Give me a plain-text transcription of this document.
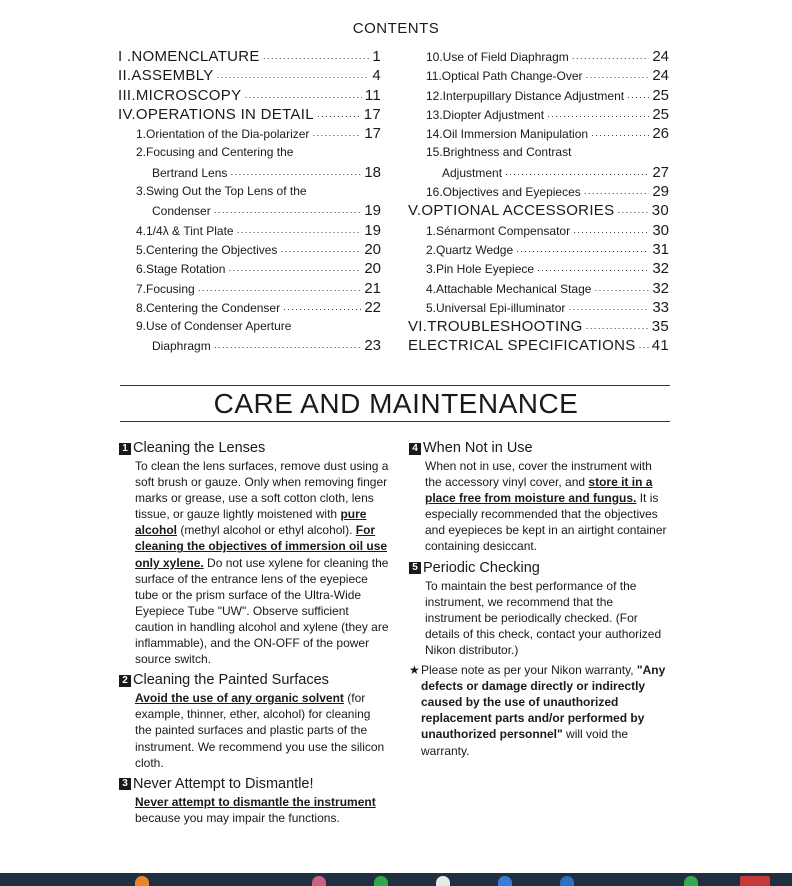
CONTENTS
I .NOMENCLATURE ·····	1
II.ASSEMBLY ·····	4
III.MICROSCOPY ·····	11
IV.OPERATIONS IN DETAIL ·····	17
1.Orientation of the Dia-polarizer ·····	17
2.Focusing and Centering the
Bertrand Lens ·····	18
3.Swing Out the Top Lens of the
Condenser ·····	19
4.1/4λ & Tint Plate ·····	19
5.Centering the Objectives ·····	20
6.Stage Rotation ·····	20
7.Focusing ·····	21
8.Centering the Condenser ·····	22
9.Use of Condenser Aperture
Diaphragm ·····	23
10.Use of Field Diaphragm ·····	24
11.Optical Path Change-Over ·····	24
12.Interpupillary Distance Adjustment ····· 25
13.Diopter Adjustment ·····	25
14.Oil Immersion Manipulation ·····	26
15.Brightness and Contrast
Adjustment ·····	27
16.Objectives and Eyepieces ·····	29
V.OPTIONAL ACCESSORIES ····· 30
1.Sénarmont Compensator ·····	30
2.Quartz Wedge ·····	31
3.Pin Hole Eyepiece ·····	32
4.Attachable Mechanical Stage ·····	32
5.Universal Epi-illuminator ·····	33
VI.TROUBLESHOOTING ·····	35
ELECTRICAL SPECIFICATIONS ····· 41
CARE AND MAINTENANCE
1 Cleaning the Lenses

To clean the lens surfaces, remove dust using a soft brush or gauze. Only when removing finger marks or grease, use a soft cotton cloth, lens tissue, or gauze lightly moistened with pure alcohol (methyl alcohol or ethyl alcohol). For cleaning the objectives of immersion oil use only xylene. Do not use xylene for cleaning the surface of the entrance lens of the eyepiece tube or the prism surface of the Ultra-Wide Eyepiece Tube "UW". Observe sufficient caution in handling alcohol and xylene (they are inflammable), and the ON-OFF of the power source switch.

2 Cleaning the Painted Surfaces

Avoid the use of any organic solvent (for example, thinner, ether, alcohol) for cleaning the painted surfaces and plastic parts of the instrument. We recommend you use the silicon cloth.

3 Never Attempt to Dismantle!

Never attempt to dismantle the instrument because you may impair the functions.

4 When Not in Use

When not in use, cover the instrument with the accessory vinyl cover, and store it in a place free from moisture and fungus. It is especially recommended that the objectives and eyepieces be kept in an airtight container containing desiccant.

5 Periodic Checking

To maintain the best performance of the instrument, we recommend that the instrument be periodically checked. (For details of this check, contact your authorized Nikon distributor.)

★ Please note as per your Nikon warranty, "Any defects or damage directly or indirectly caused by the use of unauthorized replacement parts and/or performed by unauthorized personnel" will void the warranty.
